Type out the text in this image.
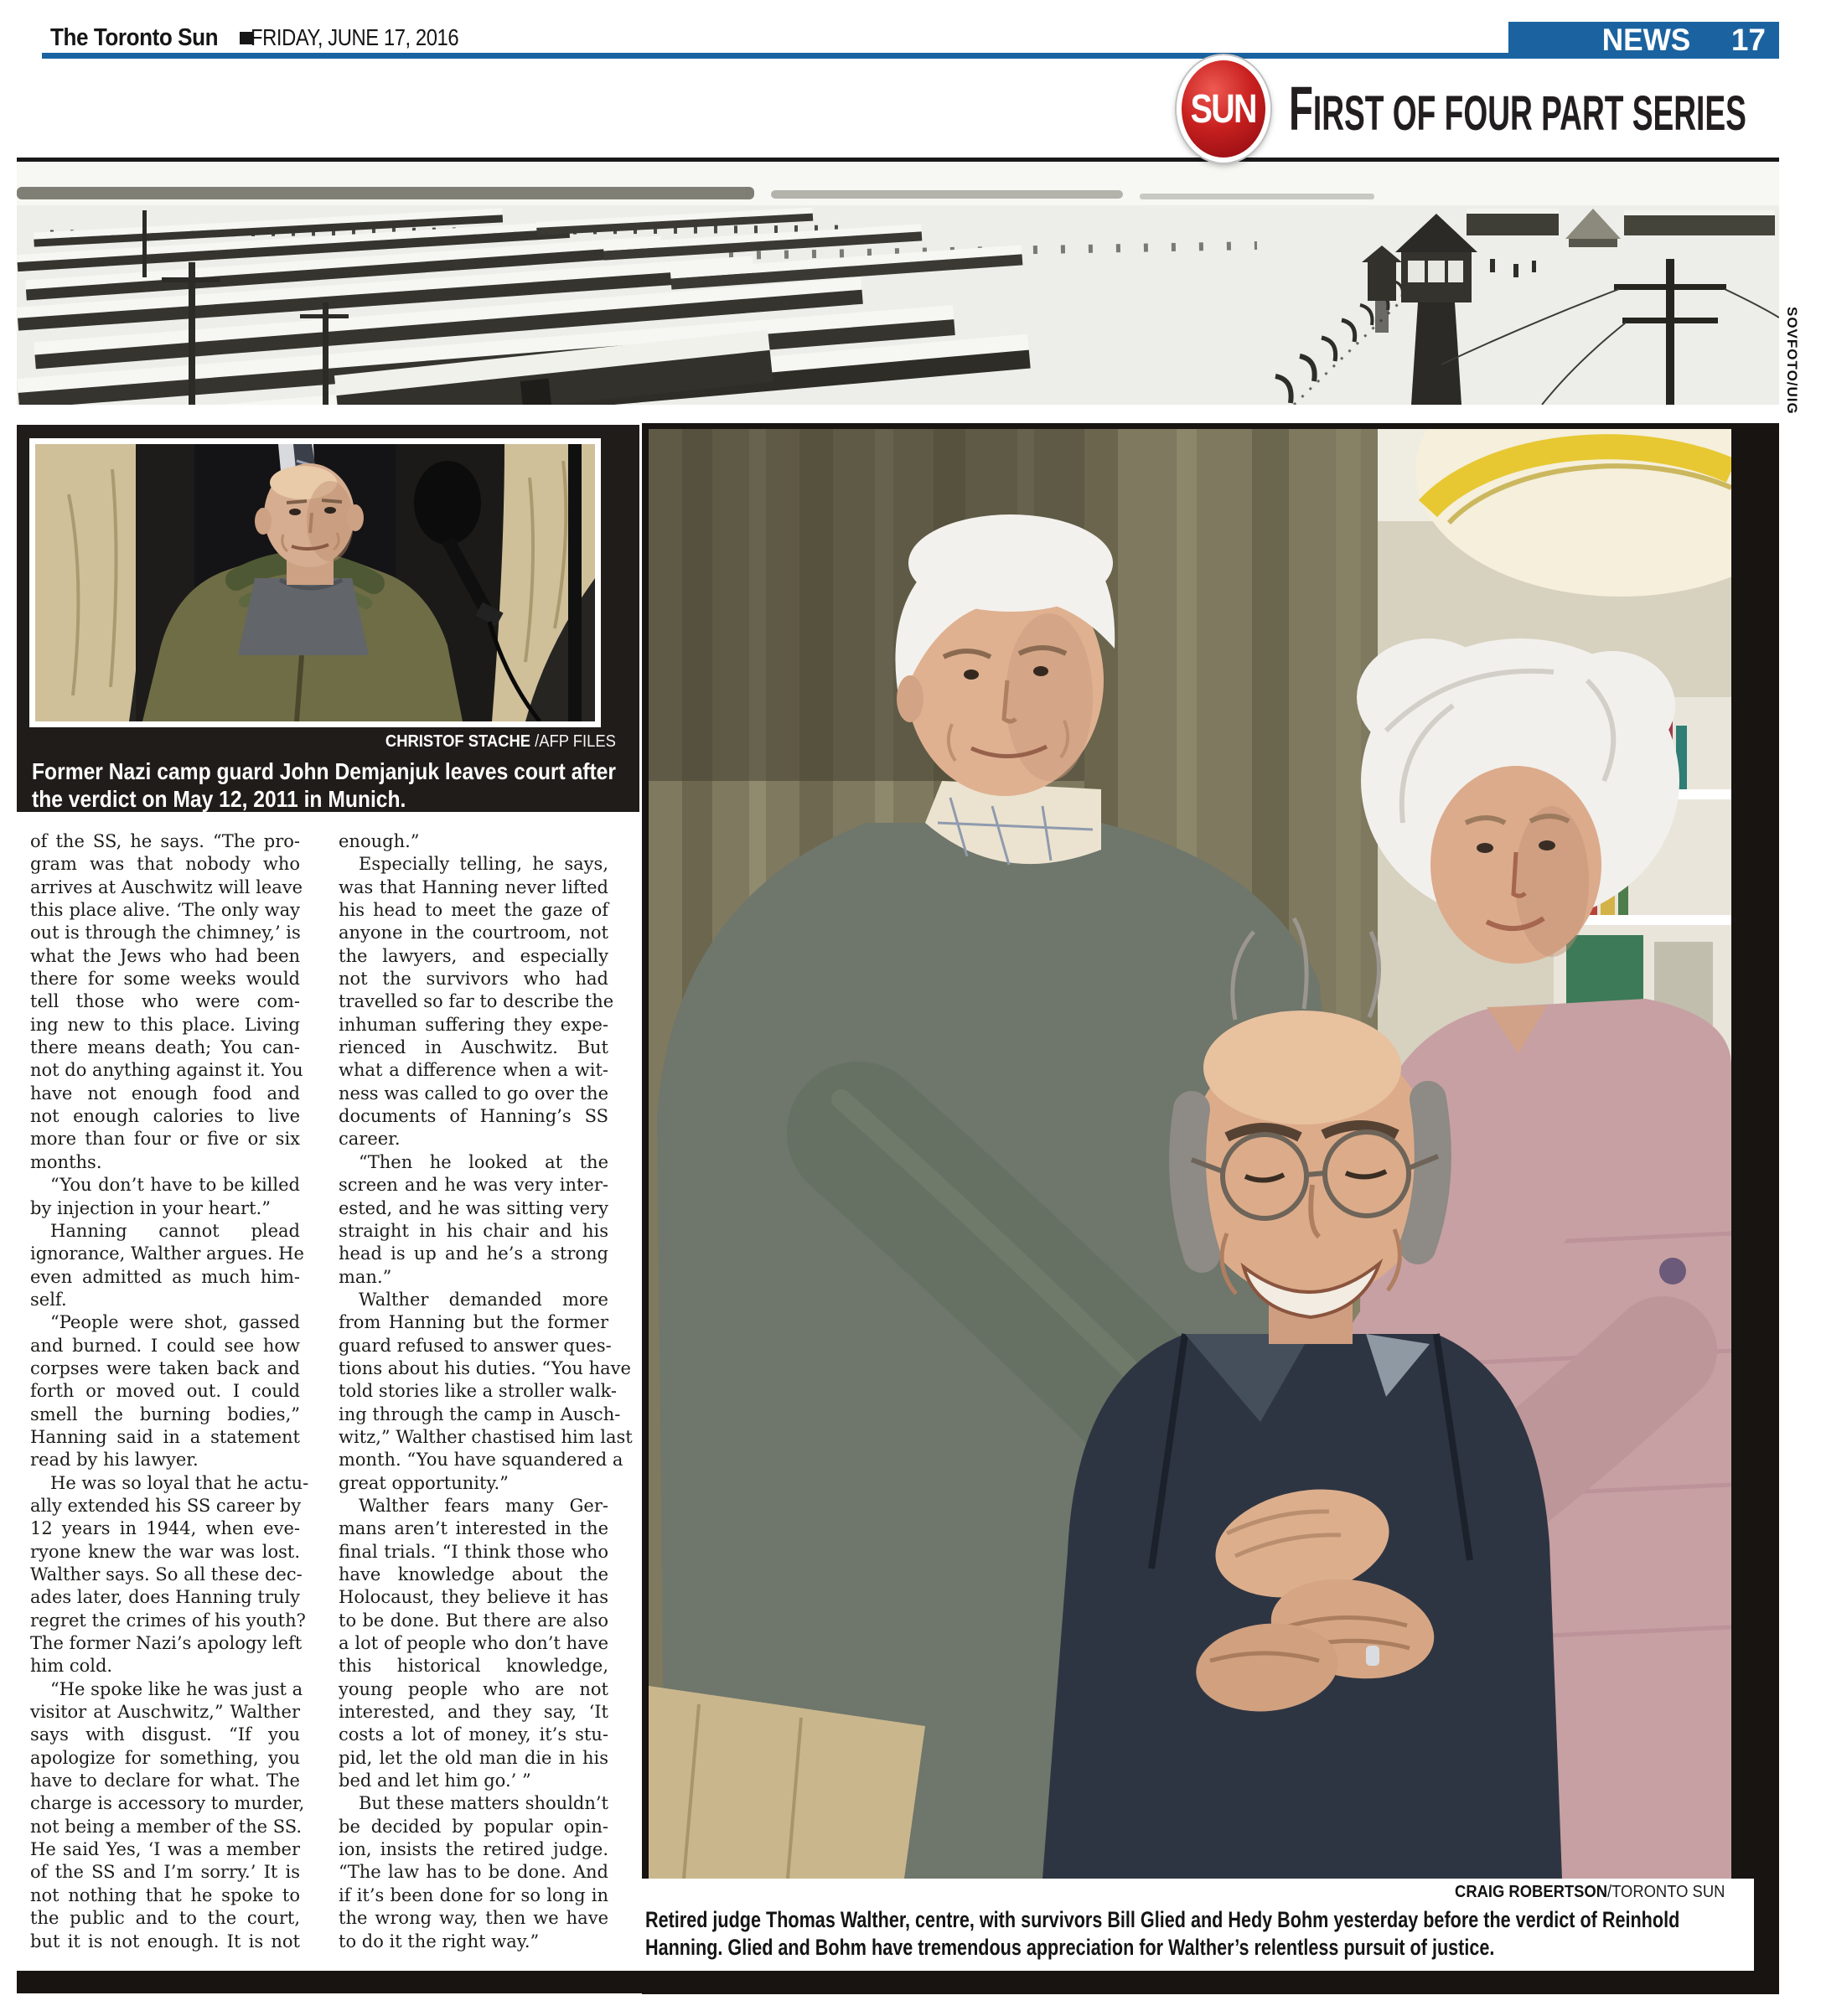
The Toronto Sun FRIDAY, JUNE 17, 2016	NEWS 17
SUN FIRST OF FOUR PART SERIES
SOVFOTO/UIG
CHRISTOF STACHE /AFP FILES
Former Nazi camp guard John Demjanjuk leaves court after
the verdict on May 12, 2011 in Munich.
CRAIG ROBERTSON/TORONTO SUN
Retired judge Thomas Walther, centre, with survivors Bill Glied and Hedy Bohm yesterday before the verdict of Reinhold
Hanning. Glied and Bohm have tremendous appreciation for Walther’s relentless pursuit of justice.
of the SS, he says. “The pro-
gram was that nobody who
arrives at Auschwitz will leave
this place alive. ‘The only way
out is through the chimney,’ is
what the Jews who had been
there for some weeks would
tell those who were com-
ing new to this place. Living
there means death; You can-
not do anything against it. You
have not enough food and
not enough calories to live
more than four or five or six
months.
“You don’t have to be killed
by injection in your heart.”
Hanning cannot plead
ignorance, Walther argues. He
even admitted as much him-
self.
“People were shot, gassed
and burned. I could see how
corpses were taken back and
forth or moved out. I could
smell the burning bodies,”
Hanning said in a statement
read by his lawyer.
He was so loyal that he actu-
ally extended his SS career by
12 years in 1944, when eve-
ryone knew the war was lost.
Walther says. So all these dec-
ades later, does Hanning truly
regret the crimes of his youth?
The former Nazi’s apology left
him cold.
“He spoke like he was just a
visitor at Auschwitz,” Walther
says with disgust. “If you
apologize for something, you
have to declare for what. The
charge is accessory to murder,
not being a member of the SS.
He said Yes, ‘I was a member
of the SS and I’m sorry.’ It is
not nothing that he spoke to
the public and to the court,
but it is not enough. It is not
enough.”
Especially telling, he says,
was that Hanning never lifted
his head to meet the gaze of
anyone in the courtroom, not
the lawyers, and especially
not the survivors who had
travelled so far to describe the
inhuman suffering they expe-
rienced in Auschwitz. But
what a difference when a wit-
ness was called to go over the
documents of Hanning’s SS
career.
“Then he looked at the
screen and he was very inter-
ested, and he was sitting very
straight in his chair and his
head is up and he’s a strong
man.”
Walther demanded more
from Hanning but the former
guard refused to answer ques-
tions about his duties. “You have
told stories like a stroller walk-
ing through the camp in Ausch-
witz,” Walther chastised him last
month. “You have squandered a
great opportunity.”
Walther fears many Ger-
mans aren’t interested in the
final trials. “I think those who
have knowledge about the
Holocaust, they believe it has
to be done. But there are also
a lot of people who don’t have
this historical knowledge,
young people who are not
interested, and they say, ‘It
costs a lot of money, it’s stu-
pid, let the old man die in his
bed and let him go.’ ”
But these matters shouldn’t
be decided by popular opin-
ion, insists the retired judge.
“The law has to be done. And
if it’s been done for so long in
the wrong way, then we have
to do it the right way.”
